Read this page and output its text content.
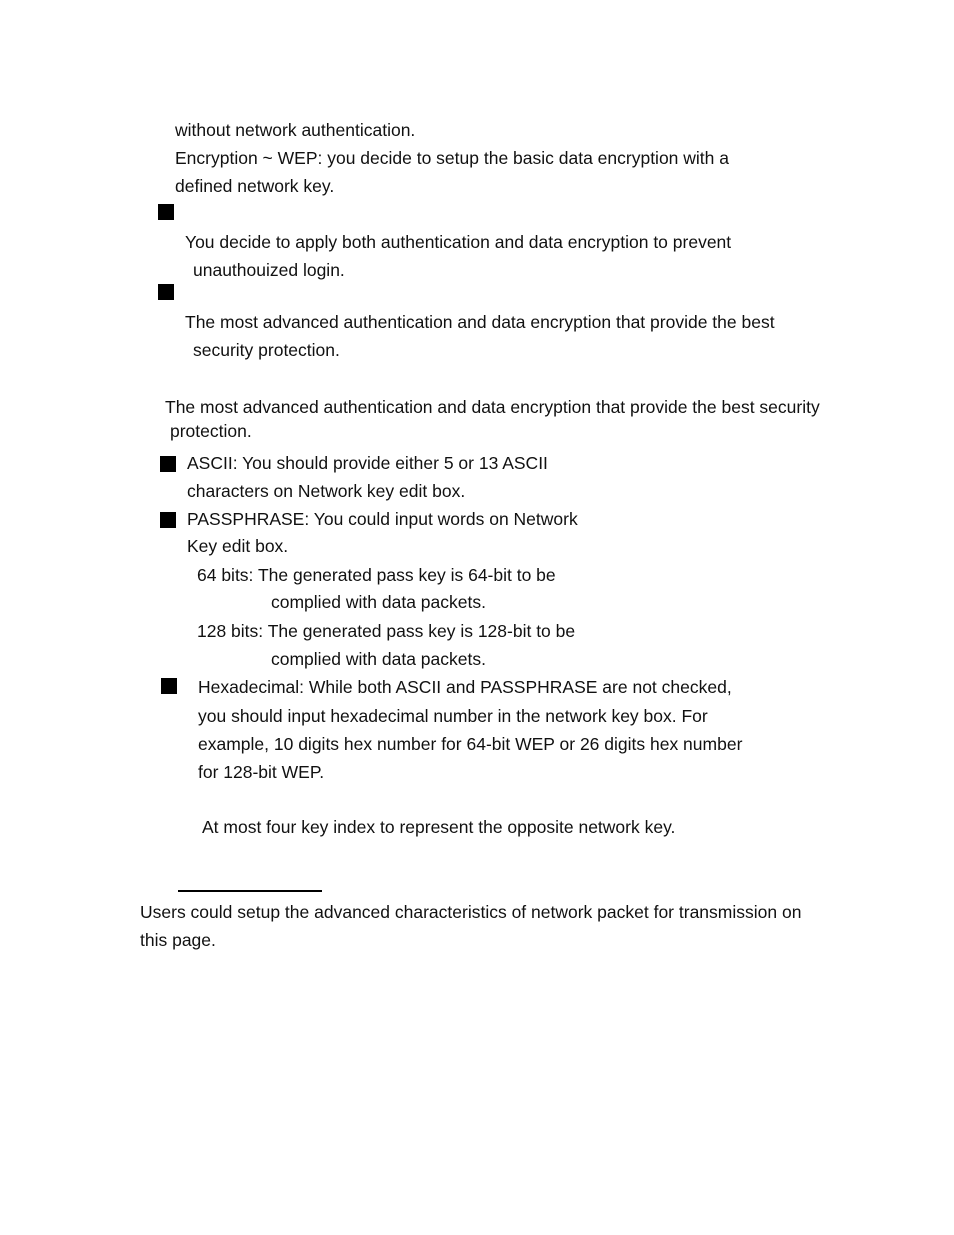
without network authentication.
Encryption ~ WEP: you decide to setup the basic data encryption with a
defined network key.
You decide to apply both authentication and data encryption to prevent
unauthouized login.
The most advanced authentication and data encryption that provide the best
security protection.
The most advanced authentication and data encryption that provide the best security
protection.
ASCII: You should provide either 5 or 13 ASCII
characters on Network key edit box.
PASSPHRASE: You could input words on Network
Key edit box.
64 bits: The generated pass key is 64-bit to be
complied with data packets.
128 bits: The generated pass key is 128-bit to be
complied with data packets.
Hexadecimal: While both ASCII and PASSPHRASE are not checked,
you should input hexadecimal number in the network key box. For
example, 10 digits hex number for 64-bit WEP or 26 digits hex number
for 128-bit WEP.
At most four key index to represent the opposite network key.
Users could setup the advanced characteristics of network packet for transmission on
this page.
